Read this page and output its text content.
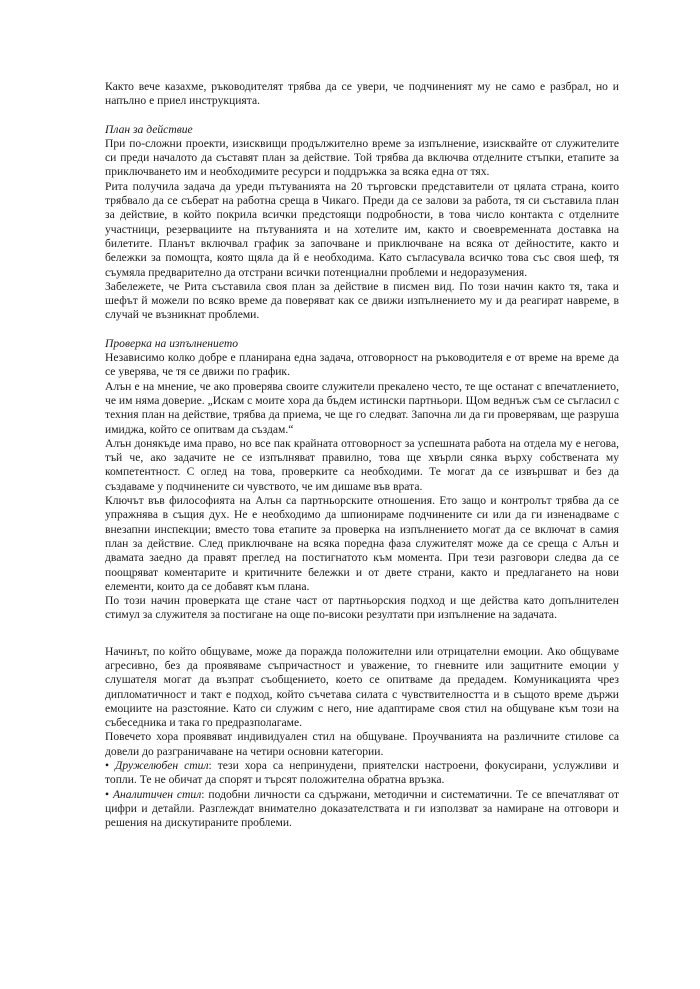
Както вече казахме, ръководителят трябва да се увери, че подчиненият му не само е разбрал, но и напълно е приел инструкцията.

План за действие

При по-сложни проекти, изисквищи продължително време за изпълнение, изисквайте от служителите си преди началото да съставят план за действие. Той трябва да включва отделните стъпки, етапите за приключването им и необходимите ресурси и поддръжка за всяка една от тях.

Рита получила задача да уреди пътуванията на 20 търговски представители от цялата страна, които трябвало да се съберат на работна среща в Чикаго. Преди да се залови за работа, тя си съставила план за действие, в който покрила всички предстоящи подробности, в това число контакта с отделните участници, резервациите на пътуванията и на хотелите им, както и своевременната доставка на билетите. Планът включвал график за започване и приключване на всяка от дейностите, както и бележки за помощта, която щяла да й е необходима. Като съгласувала всичко това със своя шеф, тя съумяла предварително да отстрани всички потенциални проблеми и недоразумения.

Забележете, че Рита съставила своя план за действие в писмен вид. По този начин както тя, така и шефът й можели по всяко време да поверяват как се движи изпълнението му и да реагират навреме, в случай че възникнат проблеми.

Проверка на изпълнението

Независимо колко добре е планирана една задача, отговорност на ръководителя е от време на време да се уверява, че тя се движи по график.

Алън е на мнение, че ако проверява своите служители прекалено често, те ще останат с впечатлението, че им няма доверие. „Искам с моите хора да бъдем истински партньори. Щом веднъж съм се съгласил с техния план на действие, трябва да приема, че ще го следват. Започна ли да ги проверявам, ще разруша имиджа, който се опитвам да създам.“

Алън донякъде има право, но все пак крайната отговорност за успешната работа на отдела му е негова, тъй че, ако задачите не се изпълняват правилно, това ще хвърли сянка върху собствената му компетентност. С оглед на това, проверките са необходими. Те могат да се извършват и без да създаваме у подчинените си чувството, че им дишаме във врата.

Ключът във философията на Алън са партньорските отношения. Ето защо и контролът трябва да се упражнява в същия дух. Не е необходимо да шпионираме подчинените си или да ги изненадваме с внезапни инспекции; вместо това етапите за проверка на изпълнението могат да се включат в самия план за действие. След приключване на всяка поредна фаза служителят може да се среща с Алън и двамата заедно да правят преглед на постигнатото към момента. При тези разговори следва да се поощряват коментарите и критичните бележки и от двете страни, както и предлагането на нови елементи, които да се добавят към плана.

По този начин проверката ще стане част от партньорския подход и ще действа като допълнителен стимул за служителя за постигане на още по-високи резултати при изпълнение на задачата.

Начинът, по който общуваме, може да поражда положителни или отрицателни емоции. Ако общуваме агресивно, без да проявяваме съпричастност и уважение, то гневните или защитните емоции у слушателя могат да възпрат съобщението, което се опитваме да предадем. Комуникацията чрез дипломатичност и такт е подход, който съчетава силата с чувствителността и в същото време държи емоциите на разстояние. Като си служим с него, ние адаптираме своя стил на общуване към този на събеседника и така го предразполагаме.

Повечето хора проявяват индивидуален стил на общуване. Проучванията на различните стилове са довели до разграничаване на четири основни категории.

• Дружелюбен стил: тези хора са непринудени, приятелски настроени, фокусирани, услужливи и топли. Те не обичат да спорят и търсят положителна обратна връзка.

• Аналитичен стил: подобни личности са сдържани, методични и систематични. Те се впечатляват от цифри и детайли. Разглеждат внимателно доказателствата и ги използват за намиране на отговори и решения на дискутираните проблеми.
